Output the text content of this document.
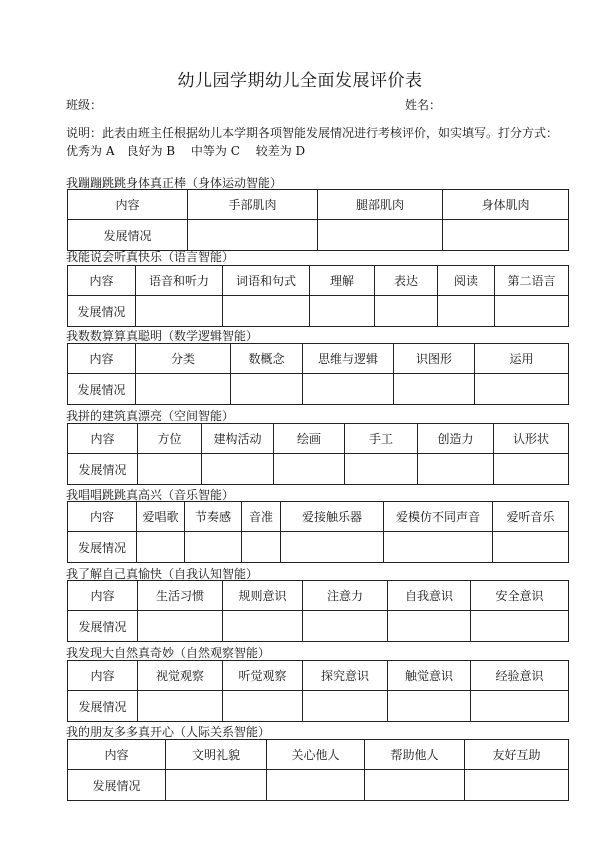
幼儿园学期幼儿全面发展评价表
班级：	姓名：
说明：此表由班主任根据幼儿本学期各项智能发展情况进行考核评价，如实填写。打分方式：
优秀为 A　良好为 B　 中等为 C　 较差为 D
我蹦蹦跳跳身体真正棒（身体运动智能）
内容	手部肌肉	腿部肌肉	身体肌肉
发展情况			
我能说会听真快乐（语言智能）
内容	语音和听力	词语和句式	理解	表达	阅读	第二语言
发展情况						
我数数算算真聪明（数学逻辑智能）
内容	分类	数概念	思维与逻辑	识图形	运用
发展情况					
我拼的建筑真漂亮（空间智能）
内容	方位	建构活动	绘画	手工	创造力	认形状
发展情况						
我唱唱跳跳真高兴（音乐智能）
内容	爱唱歌	节奏感	音准	爱接触乐器	爱模仿不同声音	爱听音乐
发展情况						
我了解自己真愉快（自我认知智能）
内容	生活习惯	规则意识	注意力	自我意识	安全意识
发展情况					
我发现大自然真奇妙（自然观察智能）
内容	视觉观察	听觉观察	探究意识	触觉意识	经验意识
发展情况					
我的朋友多多真开心（人际关系智能）
内容	文明礼貌	关心他人	帮助他人	友好互助
发展情况				
